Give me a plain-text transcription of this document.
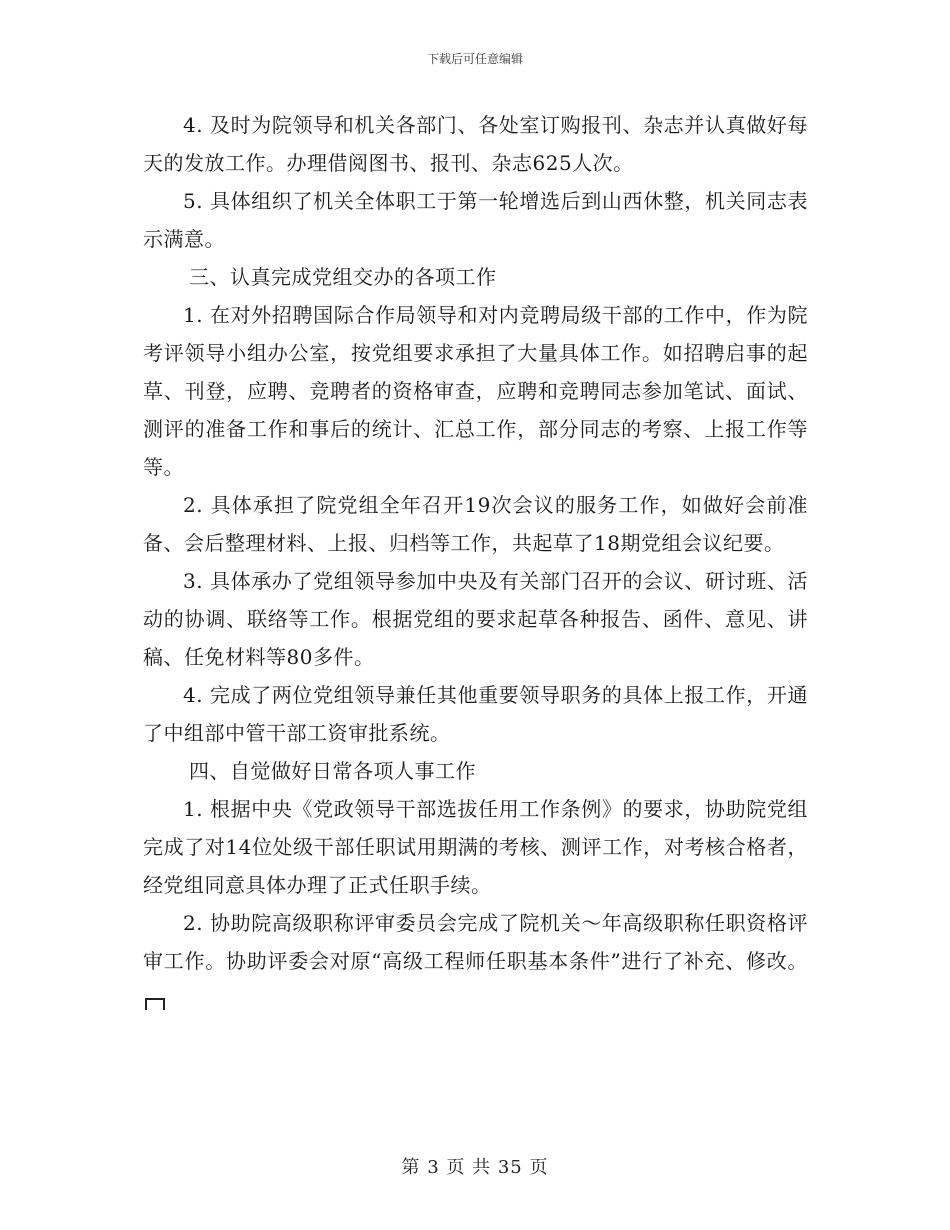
下载后可任意编辑

4. 及时为院领导和机关各部门、各处室订购报刊、杂志并认真做好每天的发放工作。办理借阅图书、报刊、杂志625人次。

5. 具体组织了机关全体职工于第一轮增选后到山西休整，机关同志表示满意。

三、认真完成党组交办的各项工作

1. 在对外招聘国际合作局领导和对内竞聘局级干部的工作中，作为院考评领导小组办公室，按党组要求承担了大量具体工作。如招聘启事的起草、刊登，应聘、竞聘者的资格审查，应聘和竞聘同志参加笔试、面试、测评的准备工作和事后的统计、汇总工作，部分同志的考察、上报工作等等。

2. 具体承担了院党组全年召开19次会议的服务工作，如做好会前准备、会后整理材料、上报、归档等工作，共起草了18期党组会议纪要。

3. 具体承办了党组领导参加中央及有关部门召开的会议、研讨班、活动的协调、联络等工作。根据党组的要求起草各种报告、函件、意见、讲稿、任免材料等80多件。

4. 完成了两位党组领导兼任其他重要领导职务的具体上报工作，开通了中组部中管干部工资审批系统。

四、自觉做好日常各项人事工作

1. 根据中央《党政领导干部选拔任用工作条例》的要求，协助院党组完成了对14位处级干部任职试用期满的考核、测评工作，对考核合格者，经党组同意具体办理了正式任职手续。

2. 协助院高级职称评审委员会完成了院机关～年高级职称任职资格评审工作。协助评委会对原“高级工程师任职基本条件”进行了补充、修改。

第 3 页 共 35 页
